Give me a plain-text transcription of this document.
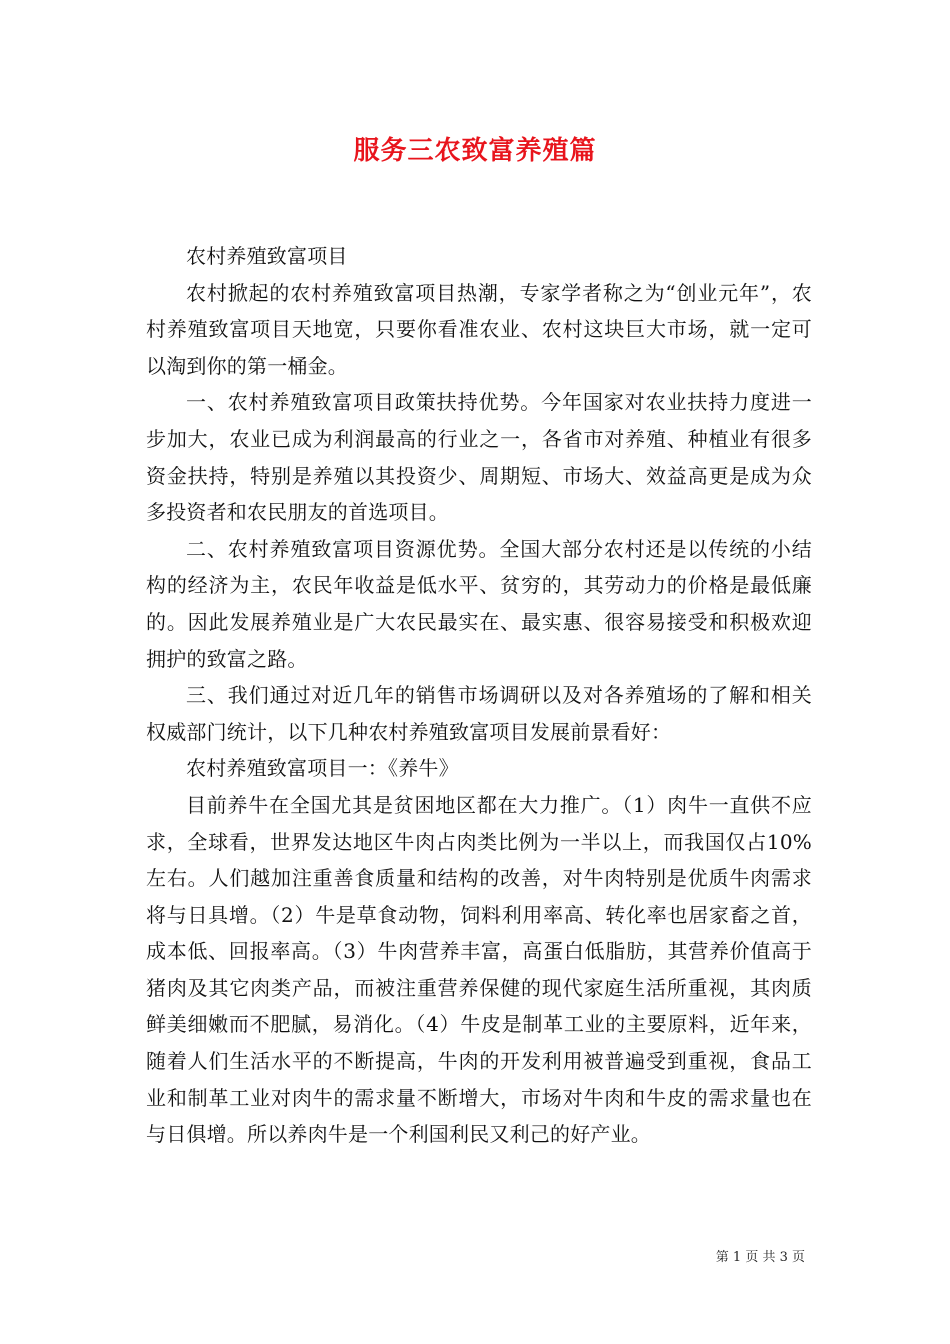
服务三农致富养殖篇

农村养殖致富项目

农村掀起的农村养殖致富项目热潮，专家学者称之为“创业元年”，农村养殖致富项目天地宽，只要你看准农业、农村这块巨大市场，就一定可以淘到你的第一桶金。

一、农村养殖致富项目政策扶持优势。今年国家对农业扶持力度进一步加大，农业已成为利润最高的行业之一，各省市对养殖、种植业有很多资金扶持，特别是养殖以其投资少、周期短、市场大、效益高更是成为众多投资者和农民朋友的首选项目。

二、农村养殖致富项目资源优势。全国大部分农村还是以传统的小结构的经济为主，农民年收益是低水平、贫穷的，其劳动力的价格是最低廉的。因此发展养殖业是广大农民最实在、最实惠、很容易接受和积极欢迎拥护的致富之路。

三、我们通过对近几年的销售市场调研以及对各养殖场的了解和相关权威部门统计，以下几种农村养殖致富项目发展前景看好：

农村养殖致富项目一：《养牛》

目前养牛在全国尤其是贫困地区都在大力推广。（1）肉牛一直供不应求，全球看，世界发达地区牛肉占肉类比例为一半以上，而我国仅占10%左右。人们越加注重善食质量和结构的改善，对牛肉特别是优质牛肉需求将与日具增。（2）牛是草食动物，饲料利用率高、转化率也居家畜之首，成本低、回报率高。（3）牛肉营养丰富，高蛋白低脂肪，其营养价值高于猪肉及其它肉类产品，而被注重营养保健的现代家庭生活所重视，其肉质鲜美细嫩而不肥腻，易消化。（4）牛皮是制革工业的主要原料，近年来，随着人们生活水平的不断提高，牛肉的开发利用被普遍受到重视，食品工业和制革工业对肉牛的需求量不断增大，市场对牛肉和牛皮的需求量也在与日俱增。所以养肉牛是一个利国利民又利己的好产业。

第 1 页 共 3 页
